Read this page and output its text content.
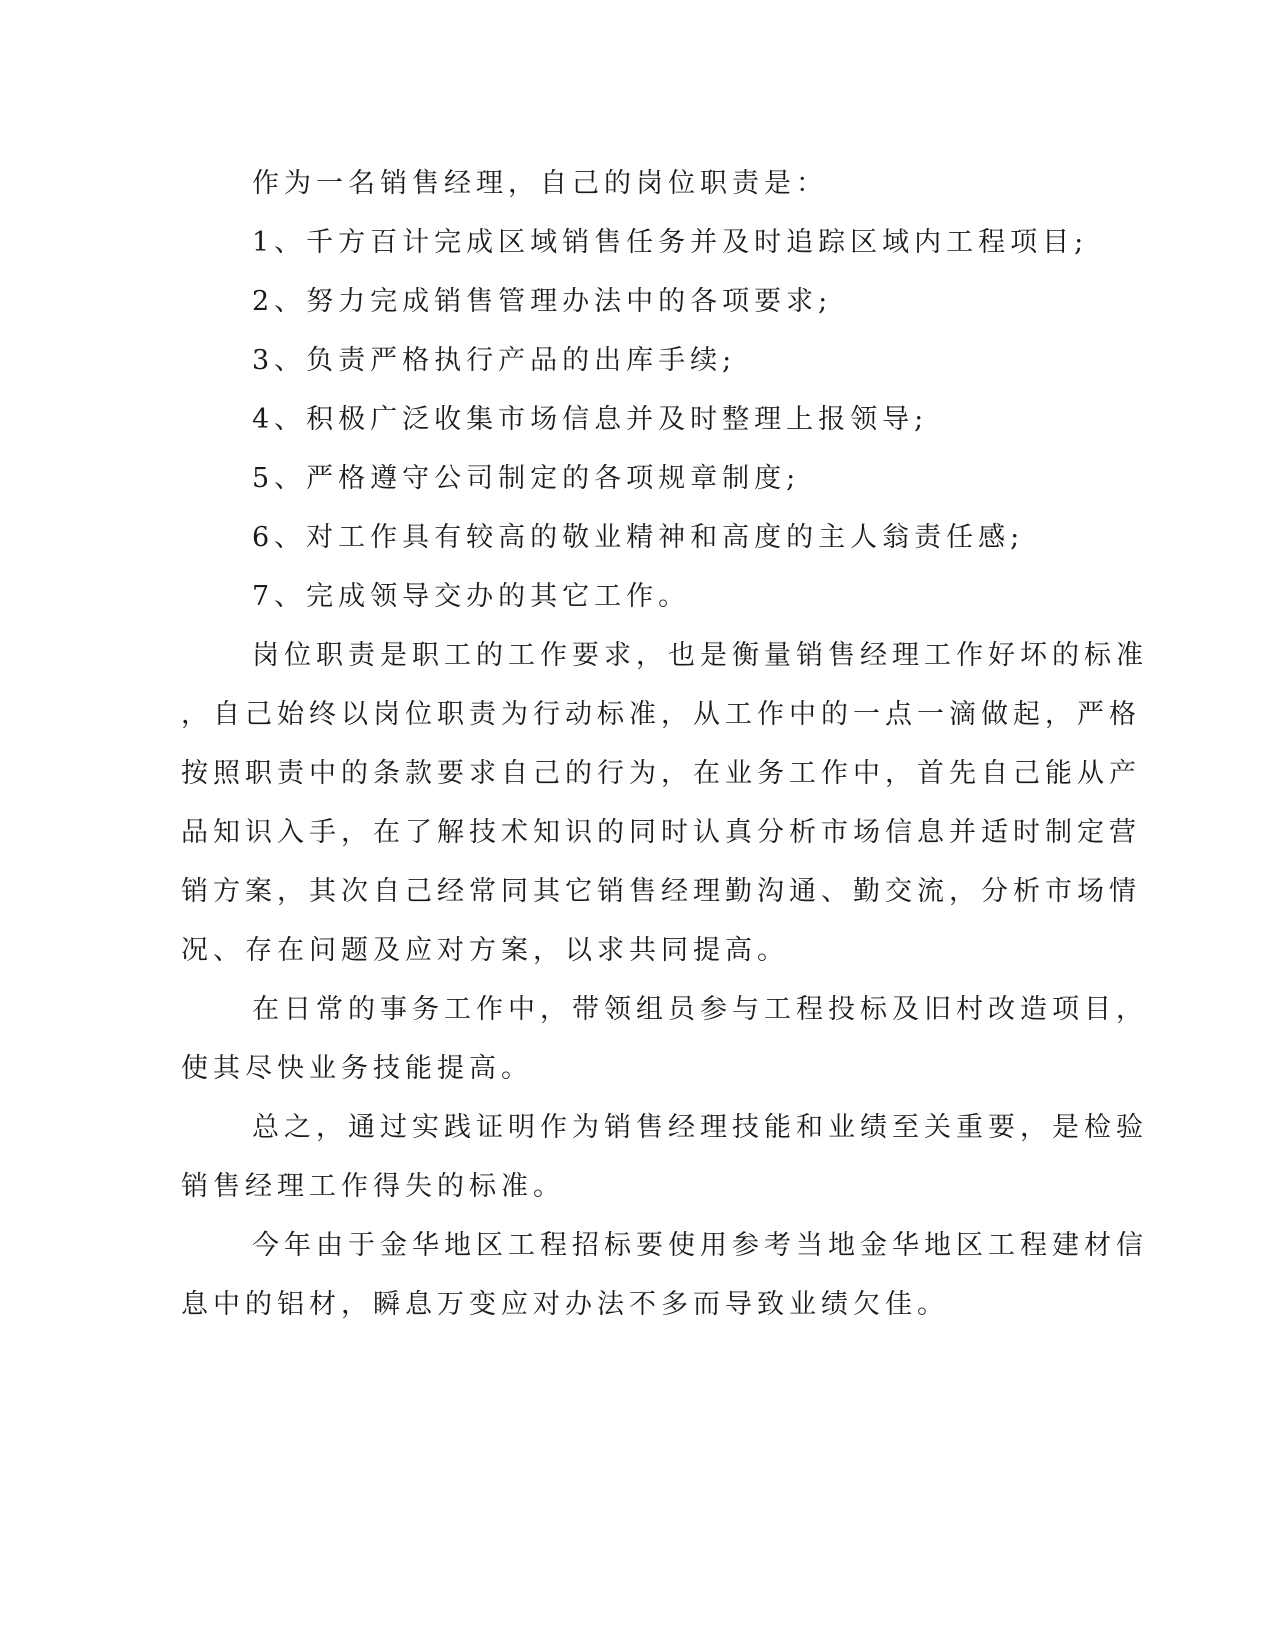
作为一名销售经理，自己的岗位职责是：
1、千方百计完成区域销售任务并及时追踪区域内工程项目;
2、努力完成销售管理办法中的各项要求;
3、负责严格执行产品的出库手续;
4、积极广泛收集市场信息并及时整理上报领导;
5、严格遵守公司制定的各项规章制度;
6、对工作具有较高的敬业精神和高度的主人翁责任感;
7、完成领导交办的其它工作。
岗位职责是职工的工作要求，也是衡量销售经理工作好坏的标准
，自己始终以岗位职责为行动标准，从工作中的一点一滴做起，严格
按照职责中的条款要求自己的行为，在业务工作中，首先自己能从产
品知识入手，在了解技术知识的同时认真分析市场信息并适时制定营
销方案，其次自己经常同其它销售经理勤沟通、勤交流，分析市场情
况、存在问题及应对方案，以求共同提高。
在日常的事务工作中，带领组员参与工程投标及旧村改造项目，
使其尽快业务技能提高。
总之，通过实践证明作为销售经理技能和业绩至关重要，是检验
销售经理工作得失的标准。
今年由于金华地区工程招标要使用参考当地金华地区工程建材信
息中的铝材，瞬息万变应对办法不多而导致业绩欠佳。
